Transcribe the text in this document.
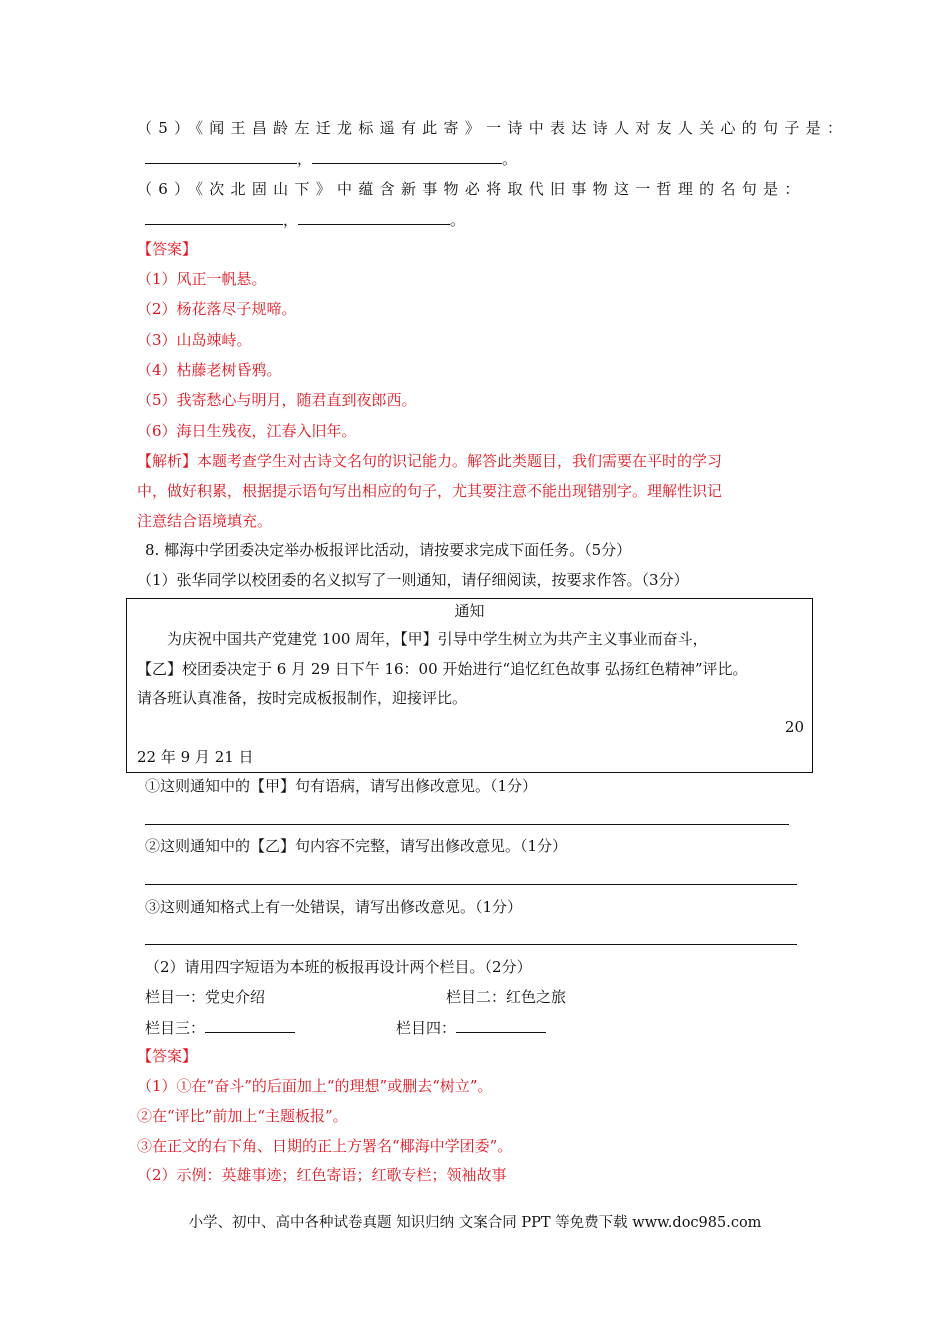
（5）《闻王昌龄左迁龙标遥有此寄》一诗中表达诗人对友人关心的句子是：
，	。
（6）《次北固山下》中蕴含新事物必将取代旧事物这一哲理的名句是：
，	。
【答案】
（1）风正一帆悬。
（2）杨花落尽子规啼。
（3）山岛竦峙。
（4）枯藤老树昏鸦。
（5）我寄愁心与明月，随君直到夜郎西。
（6）海日生残夜，江春入旧年。
【解析】本题考查学生对古诗文名句的识记能力。解答此类题目，我们需要在平时的学习
中，做好积累，根据提示语句写出相应的句子，尤其要注意不能出现错别字。理解性识记
注意结合语境填充。
8. 椰海中学团委决定举办板报评比活动，请按要求完成下面任务。（5分）
（1）张华同学以校团委的名义拟写了一则通知，请仔细阅读，按要求作答。（3分）
通知
　　为庆祝中国共产党建党 100 周年，【甲】引导中学生树立为共产主义事业而奋斗，
【乙】校团委决定于 6 月 29 日下午 16：00 开始进行“追忆红色故事 弘扬红色精神”评比。
请各班认真准备，按时完成板报制作，迎接评比。
20
22 年 9 月 21 日
①这则通知中的【甲】句有语病，请写出修改意见。（1分）
②这则通知中的【乙】句内容不完整，请写出修改意见。（1分）
③这则通知格式上有一处错误，请写出修改意见。（1分）
（2）请用四字短语为本班的板报再设计两个栏目。（2分）
栏目一：党史介绍	栏目二：红色之旅
栏目三：	栏目四：
【答案】
（1）①在“奋斗”的后面加上“的理想”或删去“树立”。
②在“评比”前加上“主题板报”。
③在正文的右下角、日期的正上方署名“椰海中学团委”。
（2）示例：英雄事迹；红色寄语；红歌专栏；领袖故事
小学、初中、高中各种试卷真题 知识归纳 文案合同 PPT 等免费下载 www.doc985.com
